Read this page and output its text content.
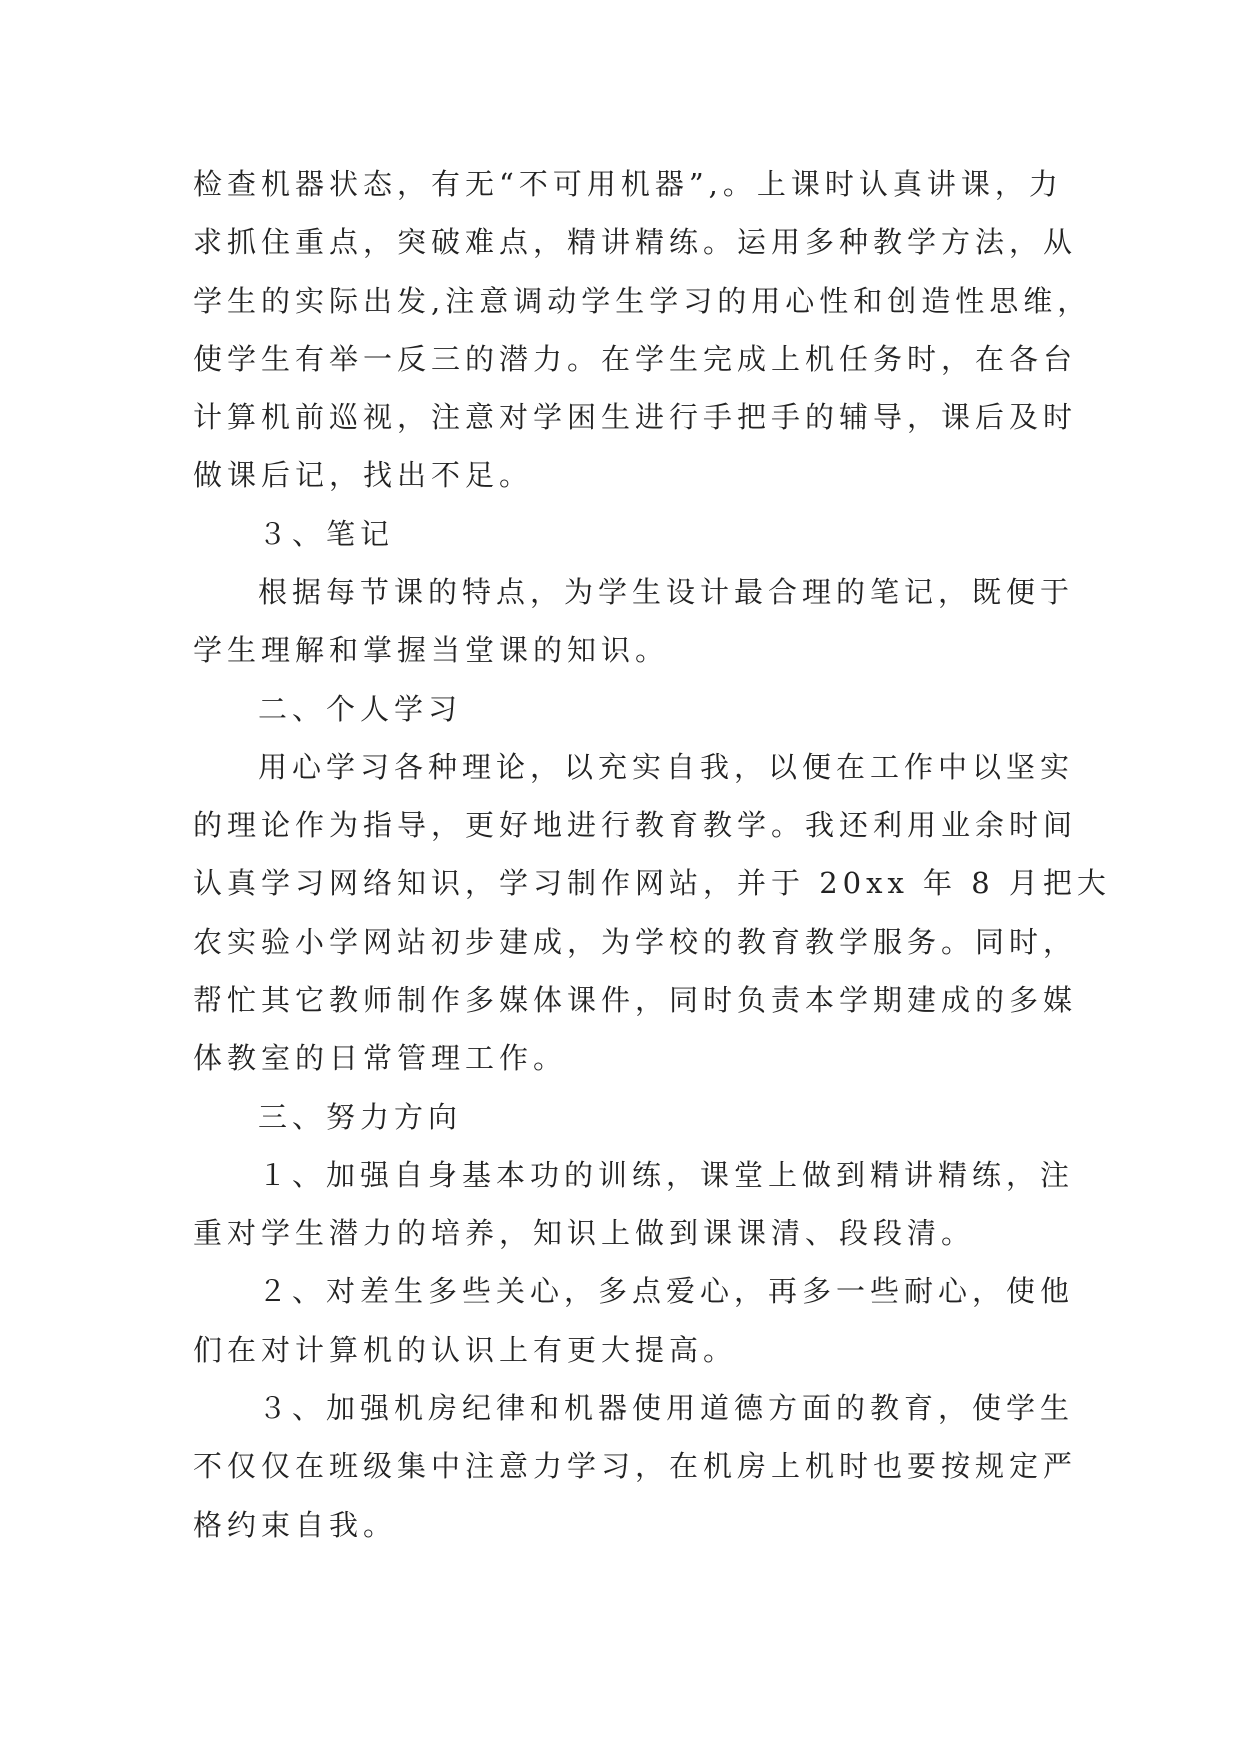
检查机器状态，有无“不可用机器”,。上课时认真讲课，力
求抓住重点，突破难点，精讲精练。运用多种教学方法，从
学生的实际出发,注意调动学生学习的用心性和创造性思维，
使学生有举一反三的潜力。在学生完成上机任务时，在各台
计算机前巡视，注意对学困生进行手把手的辅导，课后及时
做课后记，找出不足。
３、笔记
根据每节课的特点，为学生设计最合理的笔记，既便于
学生理解和掌握当堂课的知识。
二、个人学习
用心学习各种理论，以充实自我，以便在工作中以坚实
的理论作为指导，更好地进行教育教学。我还利用业余时间
认真学习网络知识，学习制作网站，并于 20xx 年 8 月把大
农实验小学网站初步建成，为学校的教育教学服务。同时，
帮忙其它教师制作多媒体课件，同时负责本学期建成的多媒
体教室的日常管理工作。
三、努力方向
１、加强自身基本功的训练，课堂上做到精讲精练，注
重对学生潜力的培养，知识上做到课课清、段段清。
２、对差生多些关心，多点爱心，再多一些耐心，使他
们在对计算机的认识上有更大提高。
３、加强机房纪律和机器使用道德方面的教育，使学生
不仅仅在班级集中注意力学习，在机房上机时也要按规定严
格约束自我。
